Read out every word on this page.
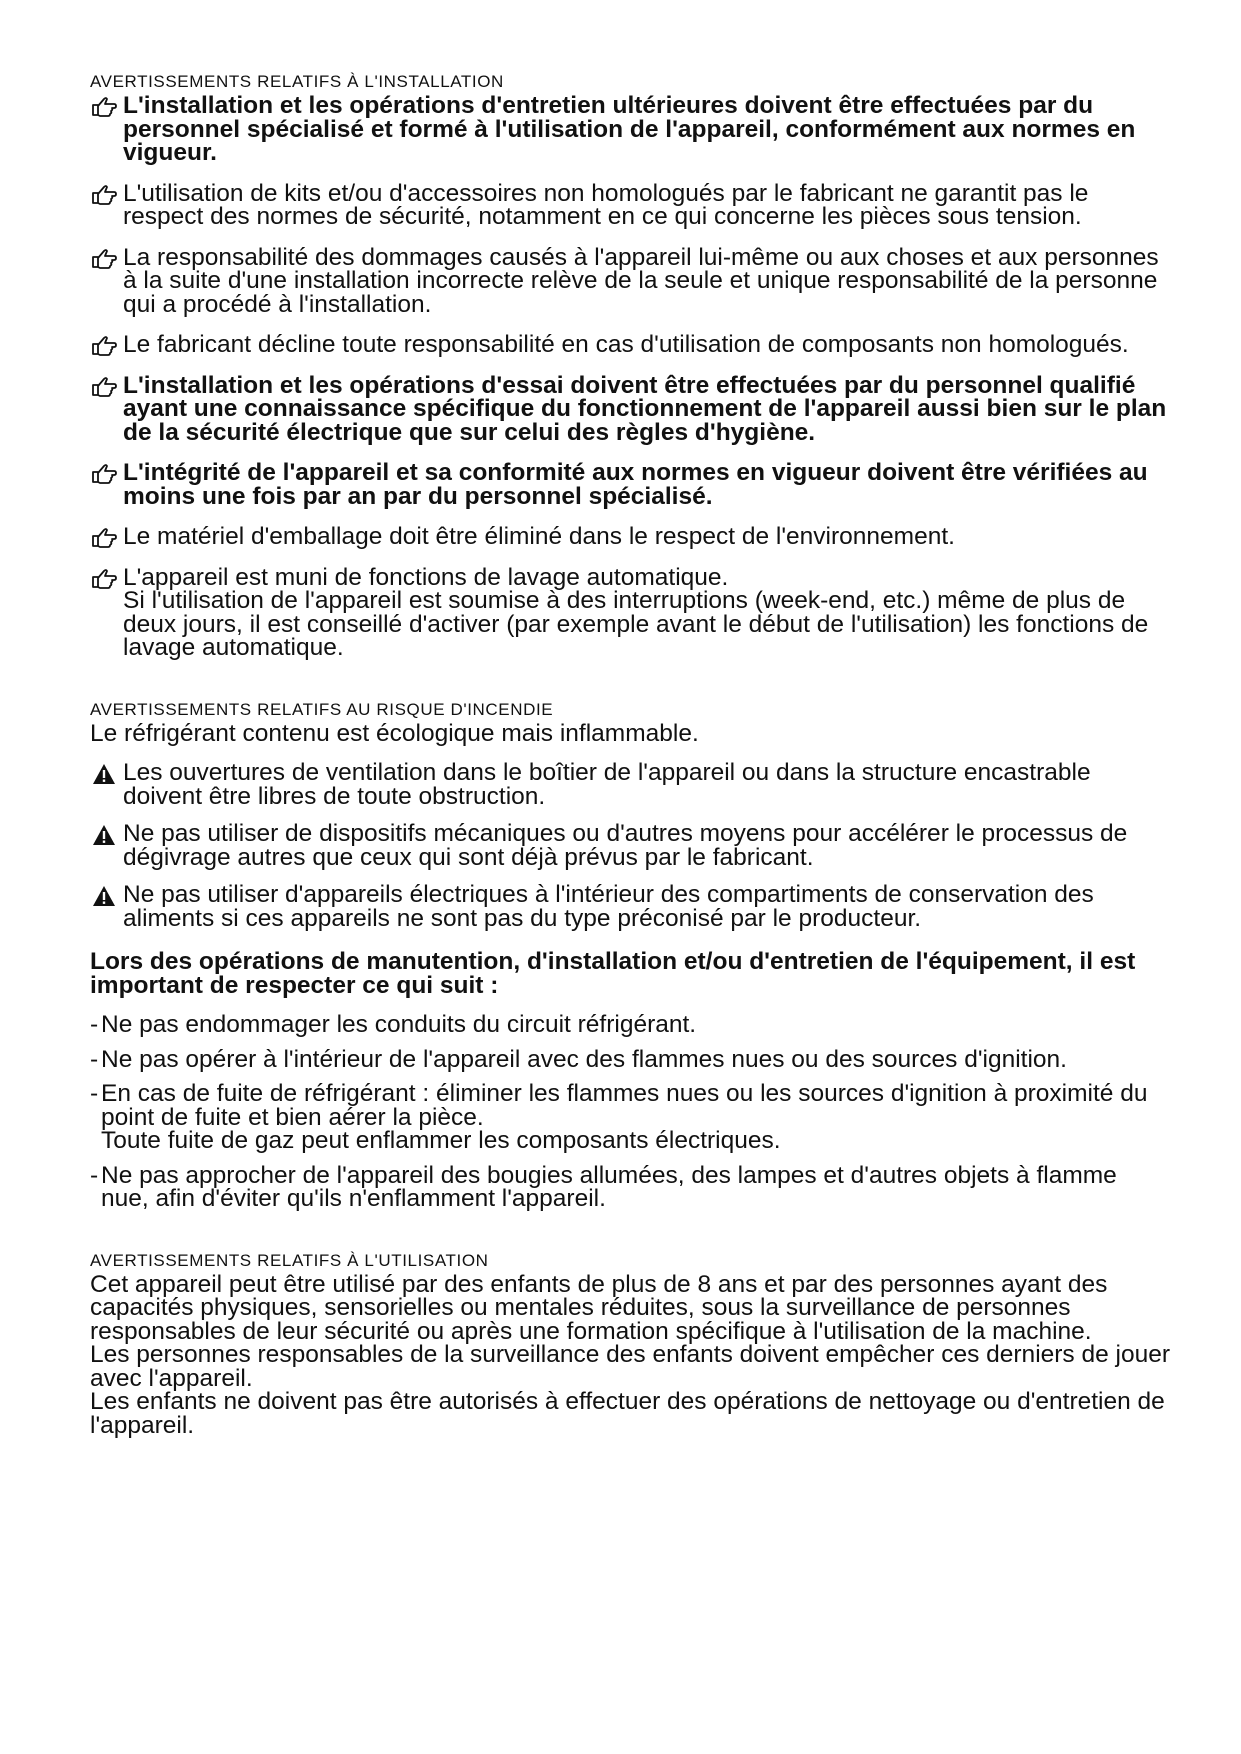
AVERTISSEMENTS RELATIFS À L'INSTALLATION
L'installation et les opérations d'entretien ultérieures doivent être effectuées par du personnel spécialisé et formé à l'utilisation de l'appareil, conformément aux normes en vigueur.
L'utilisation de kits et/ou d'accessoires non homologués par le fabricant ne garantit pas le respect des normes de sécurité, notamment en ce qui concerne les pièces sous tension.
La responsabilité des dommages causés à l'appareil lui-même ou aux choses et aux personnes à la suite d'une installation incorrecte relève de la seule et unique responsabilité de la personne qui a procédé à l'installation.
Le fabricant décline toute responsabilité en cas d'utilisation de composants non homologués.
L'installation et les opérations d'essai doivent être effectuées par du personnel qualifié ayant une connaissance spécifique du fonctionnement de l'appareil aussi bien sur le plan de la sécurité électrique que sur celui des règles d'hygiène.
L'intégrité de l'appareil et sa conformité aux normes en vigueur doivent être vérifiées au moins une fois par an par du personnel spécialisé.
Le matériel d'emballage doit être éliminé dans le respect de l'environnement.
L'appareil est muni de fonctions de lavage automatique.
Si l'utilisation de l'appareil est soumise à des interruptions (week-end, etc.) même de plus de deux jours, il est conseillé d'activer (par exemple avant le début de l'utilisation) les fonctions de lavage automatique.
AVERTISSEMENTS RELATIFS AU RISQUE D'INCENDIE
Le réfrigérant contenu est écologique mais inflammable.
Les ouvertures de ventilation dans le boîtier de l'appareil ou dans la structure encastrable doivent être libres de toute obstruction.
Ne pas utiliser de dispositifs mécaniques ou d'autres moyens pour accélérer le processus de dégivrage autres que ceux qui sont déjà prévus par le fabricant.
Ne pas utiliser d'appareils électriques à l'intérieur des compartiments de conservation des aliments si ces appareils ne sont pas du type préconisé par le producteur.
Lors des opérations de manutention, d'installation et/ou d'entretien de l'équipement, il est important de respecter ce qui suit :
- Ne pas endommager les conduits du circuit réfrigérant.
- Ne pas opérer à l'intérieur de l'appareil avec des flammes nues ou des sources d'ignition.
- En cas de fuite de réfrigérant : éliminer les flammes nues ou les sources d'ignition à proximité du point de fuite et bien aérer la pièce.
Toute fuite de gaz peut enflammer les composants électriques.
- Ne pas approcher de l'appareil des bougies allumées, des lampes et d'autres objets à flamme nue, afin d'éviter qu'ils n'enflamment l'appareil.
AVERTISSEMENTS RELATIFS À L'UTILISATION
Cet appareil peut être utilisé par des enfants de plus de 8 ans et par des personnes ayant des capacités physiques, sensorielles ou mentales réduites, sous la surveillance de personnes responsables de leur sécurité ou après une formation spécifique à l'utilisation de la machine.
Les personnes responsables de la surveillance des enfants doivent empêcher ces derniers de jouer avec l'appareil.
Les enfants ne doivent pas être autorisés à effectuer des opérations de nettoyage ou d'entretien de l'appareil.
